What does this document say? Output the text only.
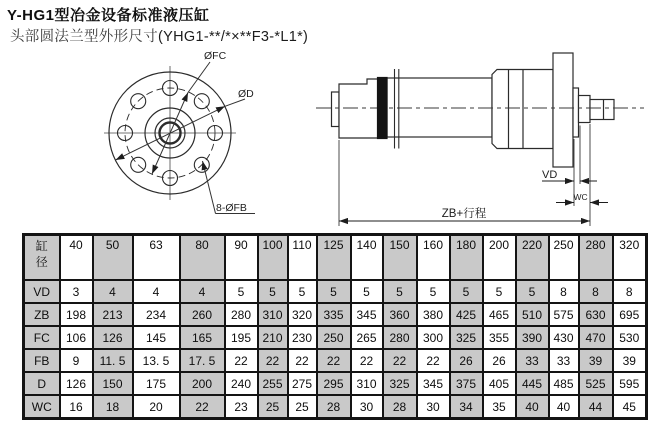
Y-HG1型冶金设备标准液压缸
头部圆法兰型外形尺寸(YHG1-**/*×**F3-*L1*)
ØFC
ØD
8-ØFB
VD
WC
ZB+行程
缸
径	40	50	63	80	90	100	110	125	140	150	160	180	200	220	250	280	320
VD	3	4	4	4	5	5	5	5	5	5	5	5	5	5	8	8	8
ZB	198	213	234	260	280	310	320	335	345	360	380	425	465	510	575	630	695
FC	106	126	145	165	195	210	230	250	265	280	300	325	355	390	430	470	530
FB	9	11. 5	13. 5	17. 5	22	22	22	22	22	22	22	26	26	33	33	39	39
D	126	150	175	200	240	255	275	295	310	325	345	375	405	445	485	525	595
WC	16	18	20	22	23	25	25	28	30	28	30	34	35	40	40	44	45
